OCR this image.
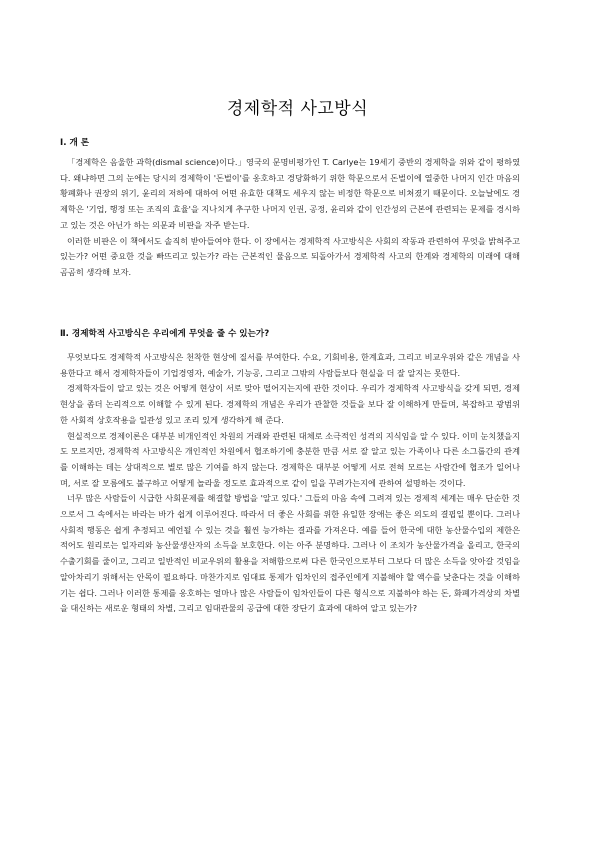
경제학적 사고방식
Ⅰ. 개 론

「경제학은 음울한 과학(dismal science)이다.」영국의 문명비평가인 T. Carlye는 19세기 중반의 경제학을 위와 같이 평하였다. 왜냐하면 그의 눈에는 당시의 경제학이 '돈벌이'를 옹호하고 경당화하기 위한 학문으로서 돈벌이에 열중한 나머지 인간 마음의 황폐화나 권장의 위기, 윤리의 저하에 대하여 어떤 유효한 대책도 세우지 않는 비정한 학문으로 비쳐졌기 때문이다. 오늘날에도 경제학은 '기업, 행정 또는 조직의 효율'을 지나치게 추구한 나머지 인권, 공정, 윤리와 같이 인간성의 근본에 관련되는 문제를 경시하고 있는 것은 아닌가 하는 의문과 비판을 자주 받는다.

이러한 비판은 이 책에서도 솔직히 받아들여야 한다. 이 장에서는 경제학적 사고방식은 사회의 작동과 관련하여 무엇을 밝혀주고 있는가? 어떤 중요한 것을 빠뜨리고 있는가? 라는 근본적인 물음으로 되돌아가서 경제학적 사고의 한계와 경제학의 미래에 대해 곰곰히 생각해 보자.

Ⅱ. 경제학적 사고방식은 우리에게 무엇을 줄 수 있는가?

무엇보다도 경제학적 사고방식은 천착한 현상에 질서를 부여한다. 수요, 기회비용, 한계효과, 그리고 비교우위와 같은 개념을 사용한다고 해서 경제학자들이 기업경영자, 예술가, 기능공, 그리고 그밖의 사람들보다 현실을 더 잘 알지는 못한다.

경제학자들이 알고 있는 것은 어떻게 현상이 서로 맞아 떨어지는지에 관한 것이다. 우리가 경제학적 사고방식을 갖게 되면, 경제현상을 좀더 논리적으로 이해할 수 있게 된다. 경제학의 개념은 우리가 관찰한 것들을 보다 잘 이해하게 만들며, 복잡하고 광범위한 사회적 상호작용을 일관성 있고 조리 있게 생각하게 해 준다.

현실적으로 경제이론은 대부분 비개인적인 차원의 거래와 관련된 대체로 소극적인 성격의 지식임을 알 수 있다. 이미 눈치챘을지도 모르지만, 경제학적 사고방식은 개인적인 차원에서 협조하기에 충분한 만큼 서로 잘 알고 있는 가족이나 다른 소그룹간의 관계를 이해하는 데는 상대적으로 별로 많은 기여를 하지 않는다. 경제학은 대부분 어떻게 서로 전혀 모르는 사람간에 협조가 일어나며, 서로 잘 모름에도 불구하고 어떻게 놀라울 정도로 효과적으로 같이 일을 꾸려가는지에 관하여 설명하는 것이다.

너무 많은 사람들이 시급한 사회문제를 해결할 방법을 '알고 있다.' 그들의 마음 속에 그려져 있는 경제적 세계는 매우 단순한 것으로서 그 속에서는 바라는 바가 쉽게 이루어진다. 따라서 더 좋은 사회를 위한 유일한 장애는 좋은 의도의 결핍일 뿐이다. 그러나 사회적 행동은 쉽게 추정되고 예언될 수 있는 것을 훨씬 능가하는 결과를 가져온다. 예를 들어 한국에 대한 농산물수입의 제한은 적어도 원리로는 일자리와 농산물생산자의 소득을 보호한다. 이는 아주 분명하다. 그러나 이 조치가 농산물가격을 올리고, 한국의 수출기회를 줄이고, 그리고 일반적인 비교우위의 활용을 저해함으로써 다른 한국인으로부터 그보다 더 많은 소득을 앗아갈 것임을 알아차리기 위해서는 안목이 필요하다. 마찬가지로 임대료 통제가 임차인의 접주인에게 지불해야 할 액수를 낮춘다는 것을 이해하기는 쉽다. 그러나 이러한 통제를 옹호하는 얼마나 많은 사람들이 임차인들이 다른 형식으로 지불하야 하는 돈, 화폐가격상의 차별을 대신하는 새로운 형태의 차별, 그리고 임대관물의 공급에 대한 장단기 효과에 대하여 알고 있는가?
